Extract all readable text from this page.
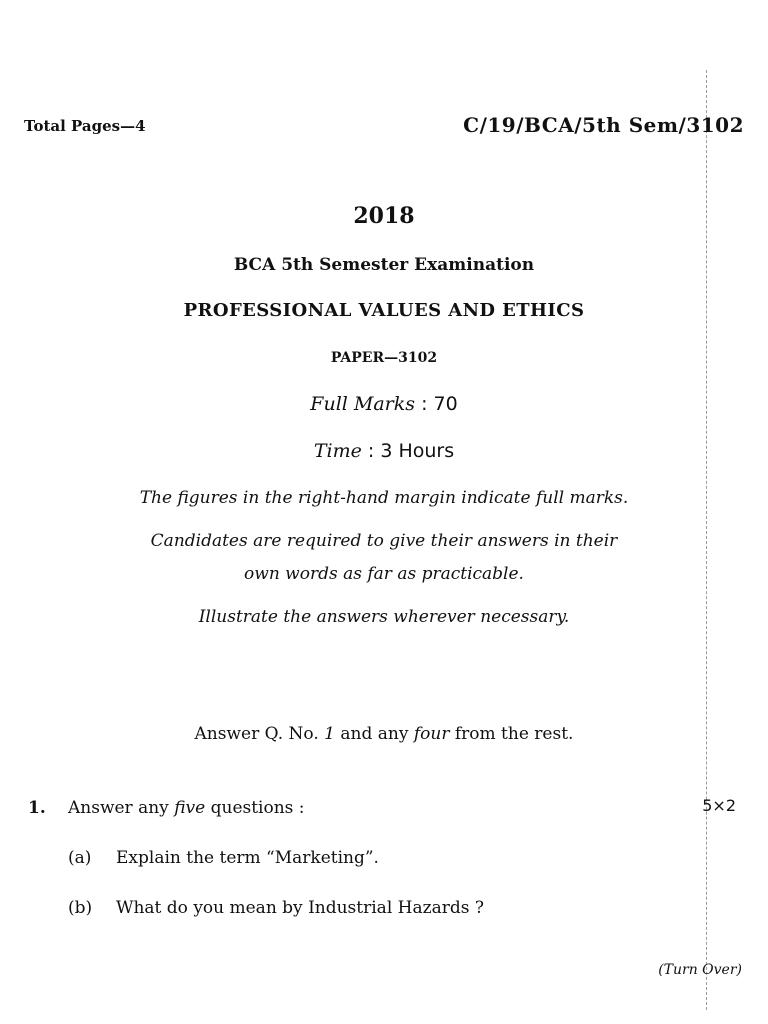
Total Pages—4	C/19/BCA/5th Sem/3102
2018
BCA 5th Semester Examination
PROFESSIONAL VALUES AND ETHICS
PAPER—3102
Full Marks : 70
Time : 3 Hours
The figures in the right-hand margin indicate full marks.
Candidates are required to give their answers in their
own words as far as practicable.
Illustrate the answers wherever necessary.
Answer Q. No. 1 and any four from the rest.
1. Answer any five questions :	5×2
(a) Explain the term “Marketing”.
(b) What do you mean by Industrial Hazards ?
(Turn Over)
